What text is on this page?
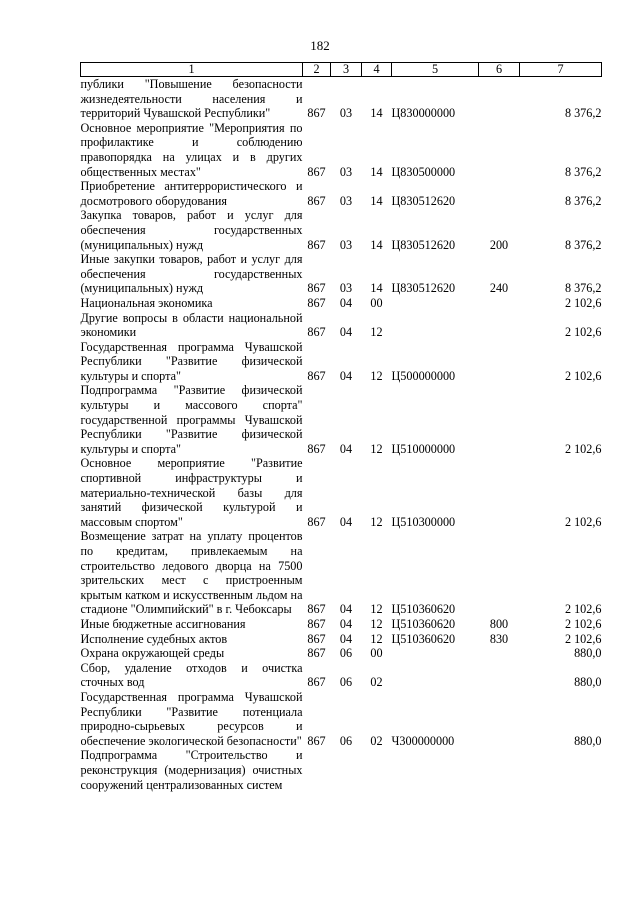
182
1	2	3	4	5	6	7
публики "Повышение безопасности жизнедеятельности населения и территорий Чувашской Республики"	867	03	14	Ц830000000		8 376,2
Основное мероприятие "Мероприятия по профилактике и соблюдению правопорядка на улицах и в других общественных местах"	867	03	14	Ц830500000		8 376,2
Приобретение антитеррористического и досмотрового оборудования	867	03	14	Ц830512620		8 376,2
Закупка товаров, работ и услуг для обеспечения государственных (муниципальных) нужд	867	03	14	Ц830512620	200	8 376,2
Иные закупки товаров, работ и услуг для обеспечения государственных (муниципальных) нужд	867	03	14	Ц830512620	240	8 376,2
Национальная экономика	867	04	00			2 102,6
Другие вопросы в области национальной экономики	867	04	12			2 102,6
Государственная программа Чувашской Республики "Развитие физической культуры и спорта"	867	04	12	Ц500000000		2 102,6
Подпрограмма "Развитие физической культуры и массового спорта" государственной программы Чувашской Республики "Развитие физической культуры и спорта"	867	04	12	Ц510000000		2 102,6
Основное мероприятие "Развитие спортивной инфраструктуры и материально-технической базы для занятий физической культурой и массовым спортом"	867	04	12	Ц510300000		2 102,6
Возмещение затрат на уплату процентов по кредитам, привлекаемым на строительство ледового дворца на 7500 зрительских мест с пристроенным крытым катком и искусственным льдом на стадионе "Олимпийский" в г. Чебоксары	867	04	12	Ц510360620		2 102,6
Иные бюджетные ассигнования	867	04	12	Ц510360620	800	2 102,6
Исполнение судебных актов	867	04	12	Ц510360620	830	2 102,6
Охрана окружающей среды	867	06	00			880,0
Сбор, удаление отходов и очистка сточных вод	867	06	02			880,0
Государственная программа Чувашской Республики "Развитие потенциала природно-сырьевых ресурсов и обеспечение экологической безопасности"	867	06	02	Ч300000000		880,0
Подпрограмма "Строительство и реконструкция (модернизация) очистных сооружений централизованных систем						
